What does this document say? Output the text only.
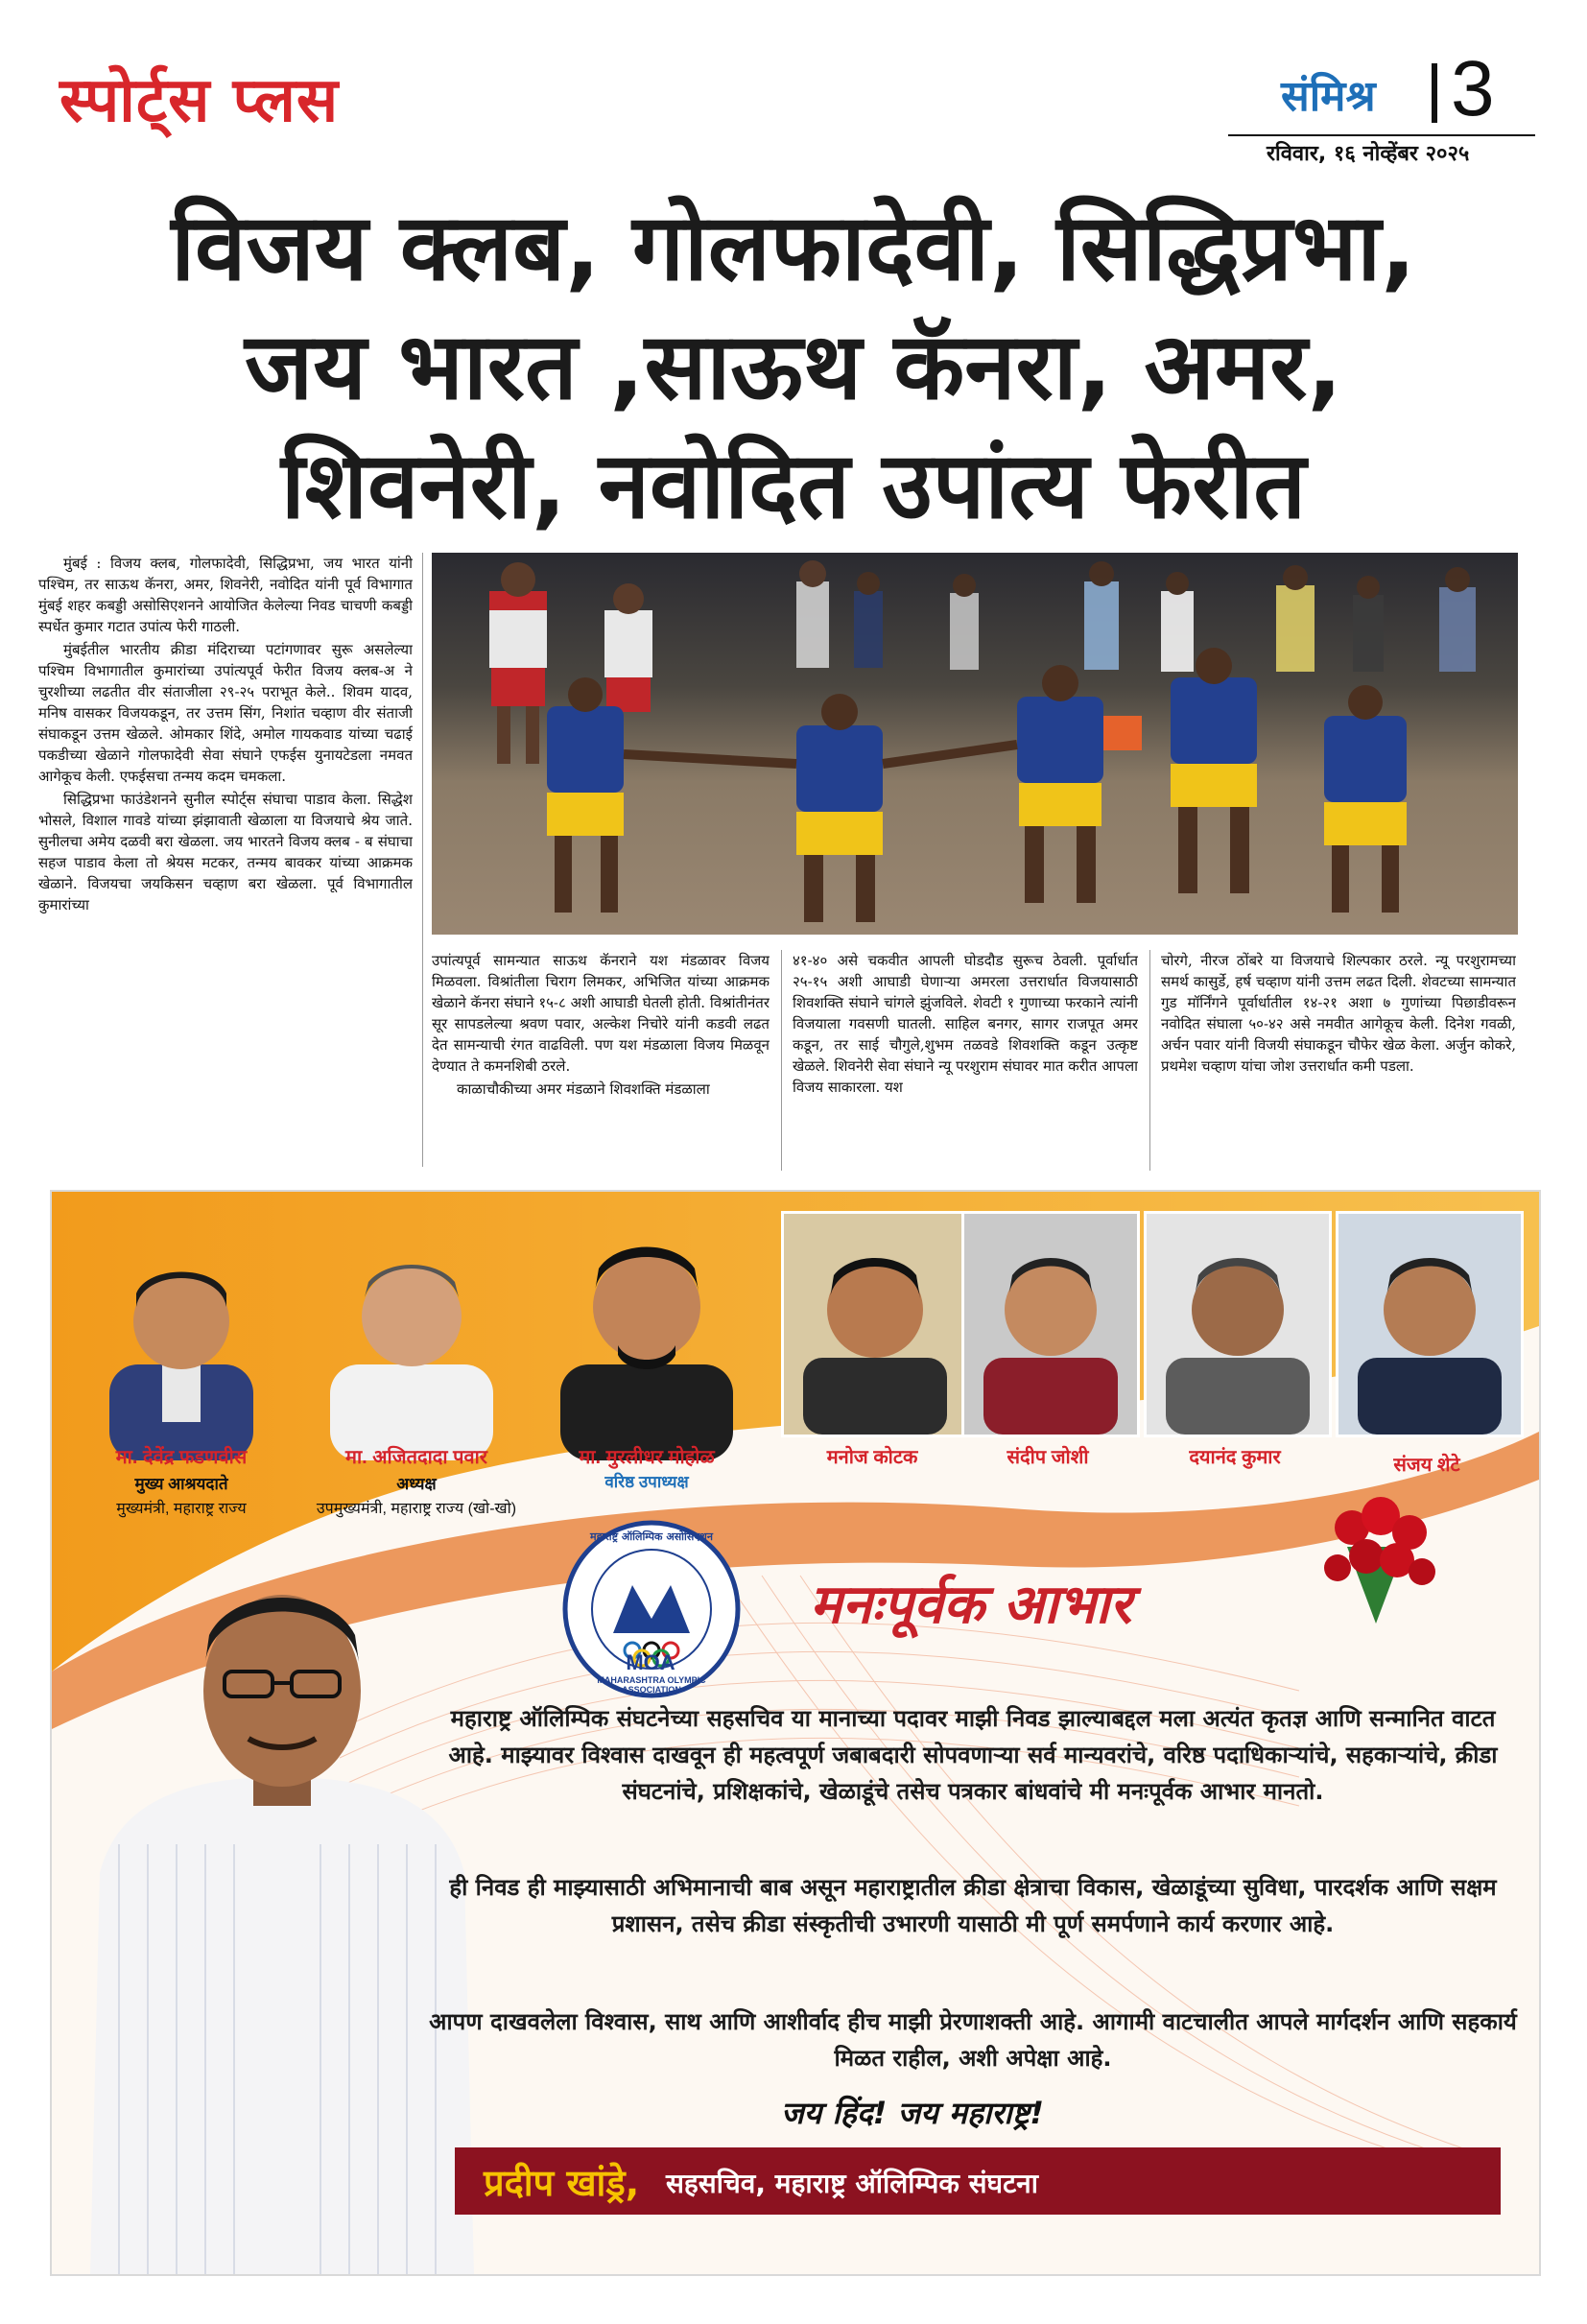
स्पोर्ट्स प्लस	संमिश्र 3
रविवार, १६ नोव्हेंबर २०२५
विजय क्लब, गोलफादेवी, सिद्धिप्रभा,
जय भारत ,साऊथ कॅनरा, अमर,
शिवनेरी, नवोदित उपांत्य फेरीत

मुंबई : विजय क्लब, गोलफादेवी, सिद्धिप्रभा, जय भारत यांनी पश्चिम, तर साऊथ कॅनरा, अमर, शिवनेरी, नवोदित यांनी पूर्व विभागात मुंबई शहर कबड्डी असोसिएशनने आयोजित केलेल्या निवड चाचणी कबड्डी स्पर्धेत कुमार गटात उपांत्य फेरी गाठली.

मुंबईतील भारतीय क्रीडा मंदिराच्या पटांगणावर सुरू असलेल्या पश्चिम विभागातील कुमारांच्या उपांत्यपूर्व फेरीत विजय क्लब-अ ने चुरशीच्या लढतीत वीर संताजीला २९-२५ पराभूत केले.. शिवम यादव, मनिष वासकर विजयकडून, तर उत्तम सिंग, निशांत चव्हाण वीर संताजी संघाकडून उत्तम खेळले. ओमकार शिंदे, अमोल गायकवाड यांच्या चढाई पकडीच्या खेळाने गोलफादेवी सेवा संघाने एफईस युनायटेडला नमवत आगेकूच केली. एफईसचा तन्मय कदम चमकला.

सिद्धिप्रभा फाउंडेशनने सुनील स्पोर्ट्स संघाचा पाडाव केला. सिद्धेश भोसले, विशाल गावडे यांच्या झंझावाती खेळाला या विजयाचे श्रेय जाते. सुनीलचा अमेय दळवी बरा खेळला. जय भारतने विजय क्लब - ब संघाचा सहज पाडाव केला तो श्रेयस मटकर, तन्मय बावकर यांच्या आक्रमक खेळाने. विजयचा जयकिसन चव्हाण बरा खेळला. पूर्व विभागातील कुमारांच्या

उपांत्यपूर्व सामन्यात साऊथ कॅनराने यश मंडळावर विजय मिळवला. विश्रांतीला चिराग लिमकर, अभिजित यांच्या आक्रमक खेळाने कॅनरा संघाने १५-८ अशी आघाडी घेतली होती. विश्रांतीनंतर सूर सापडलेल्या श्रवण पवार, अल्केश निचोरे यांनी कडवी लढत देत सामन्याची रंगत वाढविली. पण यश मंडळाला विजय मिळवून देण्यात ते कमनशिबी ठरले.

काळाचौकीच्या अमर मंडळाने शिवशक्ति मंडळाला

४१-४० असे चकवीत आपली घोडदौड सुरूच ठेवली. पूर्वार्धात २५-१५ अशी आघाडी घेणाऱ्या अमरला उत्तरार्धात विजयासाठी शिवशक्ति संघाने चांगले झुंजविले. शेवटी १ गुणाच्या फरकाने त्यांनी विजयाला गवसणी घातली. साहिल बनगर, सागर राजपूत अमर कडून, तर साई चौगुले,शुभम तळवडे शिवशक्ति कडून उत्कृष्ट खेळले. शिवनेरी सेवा संघाने न्यू परशुराम संघावर मात करीत आपला विजय साकारला. यश

चोरगे, नीरज ठोंबरे या विजयाचे शिल्पकार ठरले. न्यू परशुरामच्या समर्थ कासुर्डे, हर्ष चव्हाण यांनी उत्तम लढत दिली. शेवटच्या सामन्यात गुड मॉर्निंगने पूर्वार्धातील १४-२१ अशा ७ गुणांच्या पिछाडीवरून नवोदित संघाला ५०-४२ असे नमवीत आगेकूच केली. दिनेश गवळी, अर्चन पवार यांनी विजयी संघाकडून चौफेर खेळ केला. अर्जुन कोकरे, प्रथमेश चव्हाण यांचा जोश उत्तरार्धात कमी पडला.

मा. देवेंद्र फडणवीस
मुख्य आश्रयदाते
मुख्यमंत्री, महाराष्ट्र राज्य
मा. अजितदादा पवार
अध्यक्ष
उपमुख्यमंत्री, महाराष्ट्र राज्य (खो-खो)
मा. मुरलीधर मोहोळ
वरिष्ठ उपाध्यक्ष
मनोज कोटक	संदीप जोशी	दयानंद कुमार	संजय शेटे
महाराष्ट्र ऑलिम्पिक असोसिएशन
MOA
MAHARASHTRA OLYMPIC ASSOCIATION
मनःपूर्वक आभार
महाराष्ट्र ऑलिम्पिक संघटनेच्या सहसचिव या मानाच्या पदावर माझी निवड झाल्याबद्दल मला अत्यंत कृतज्ञ आणि सन्मानित वाटत आहे. माझ्यावर विश्वास दाखवून ही महत्वपूर्ण जबाबदारी सोपवणाऱ्या सर्व मान्यवरांचे, वरिष्ठ पदाधिकाऱ्यांचे, सहकाऱ्यांचे, क्रीडा संघटनांचे, प्रशिक्षकांचे, खेळाडूंचे तसेच पत्रकार बांधवांचे मी मनःपूर्वक आभार मानतो.
ही निवड ही माझ्यासाठी अभिमानाची बाब असून महाराष्ट्रातील क्रीडा क्षेत्राचा विकास, खेळाडूंच्या सुविधा, पारदर्शक आणि सक्षम प्रशासन, तसेच क्रीडा संस्कृतीची उभारणी यासाठी मी पूर्ण समर्पणाने कार्य करणार आहे.
आपण दाखवलेला विश्वास, साथ आणि आशीर्वाद हीच माझी प्रेरणाशक्ती आहे. आगामी वाटचालीत आपले मार्गदर्शन आणि सहकार्य मिळत राहील, अशी अपेक्षा आहे.
जय हिंद! जय महाराष्ट्र!
प्रदीप खांड्रे, सहसचिव, महाराष्ट्र ऑलिम्पिक संघटना
